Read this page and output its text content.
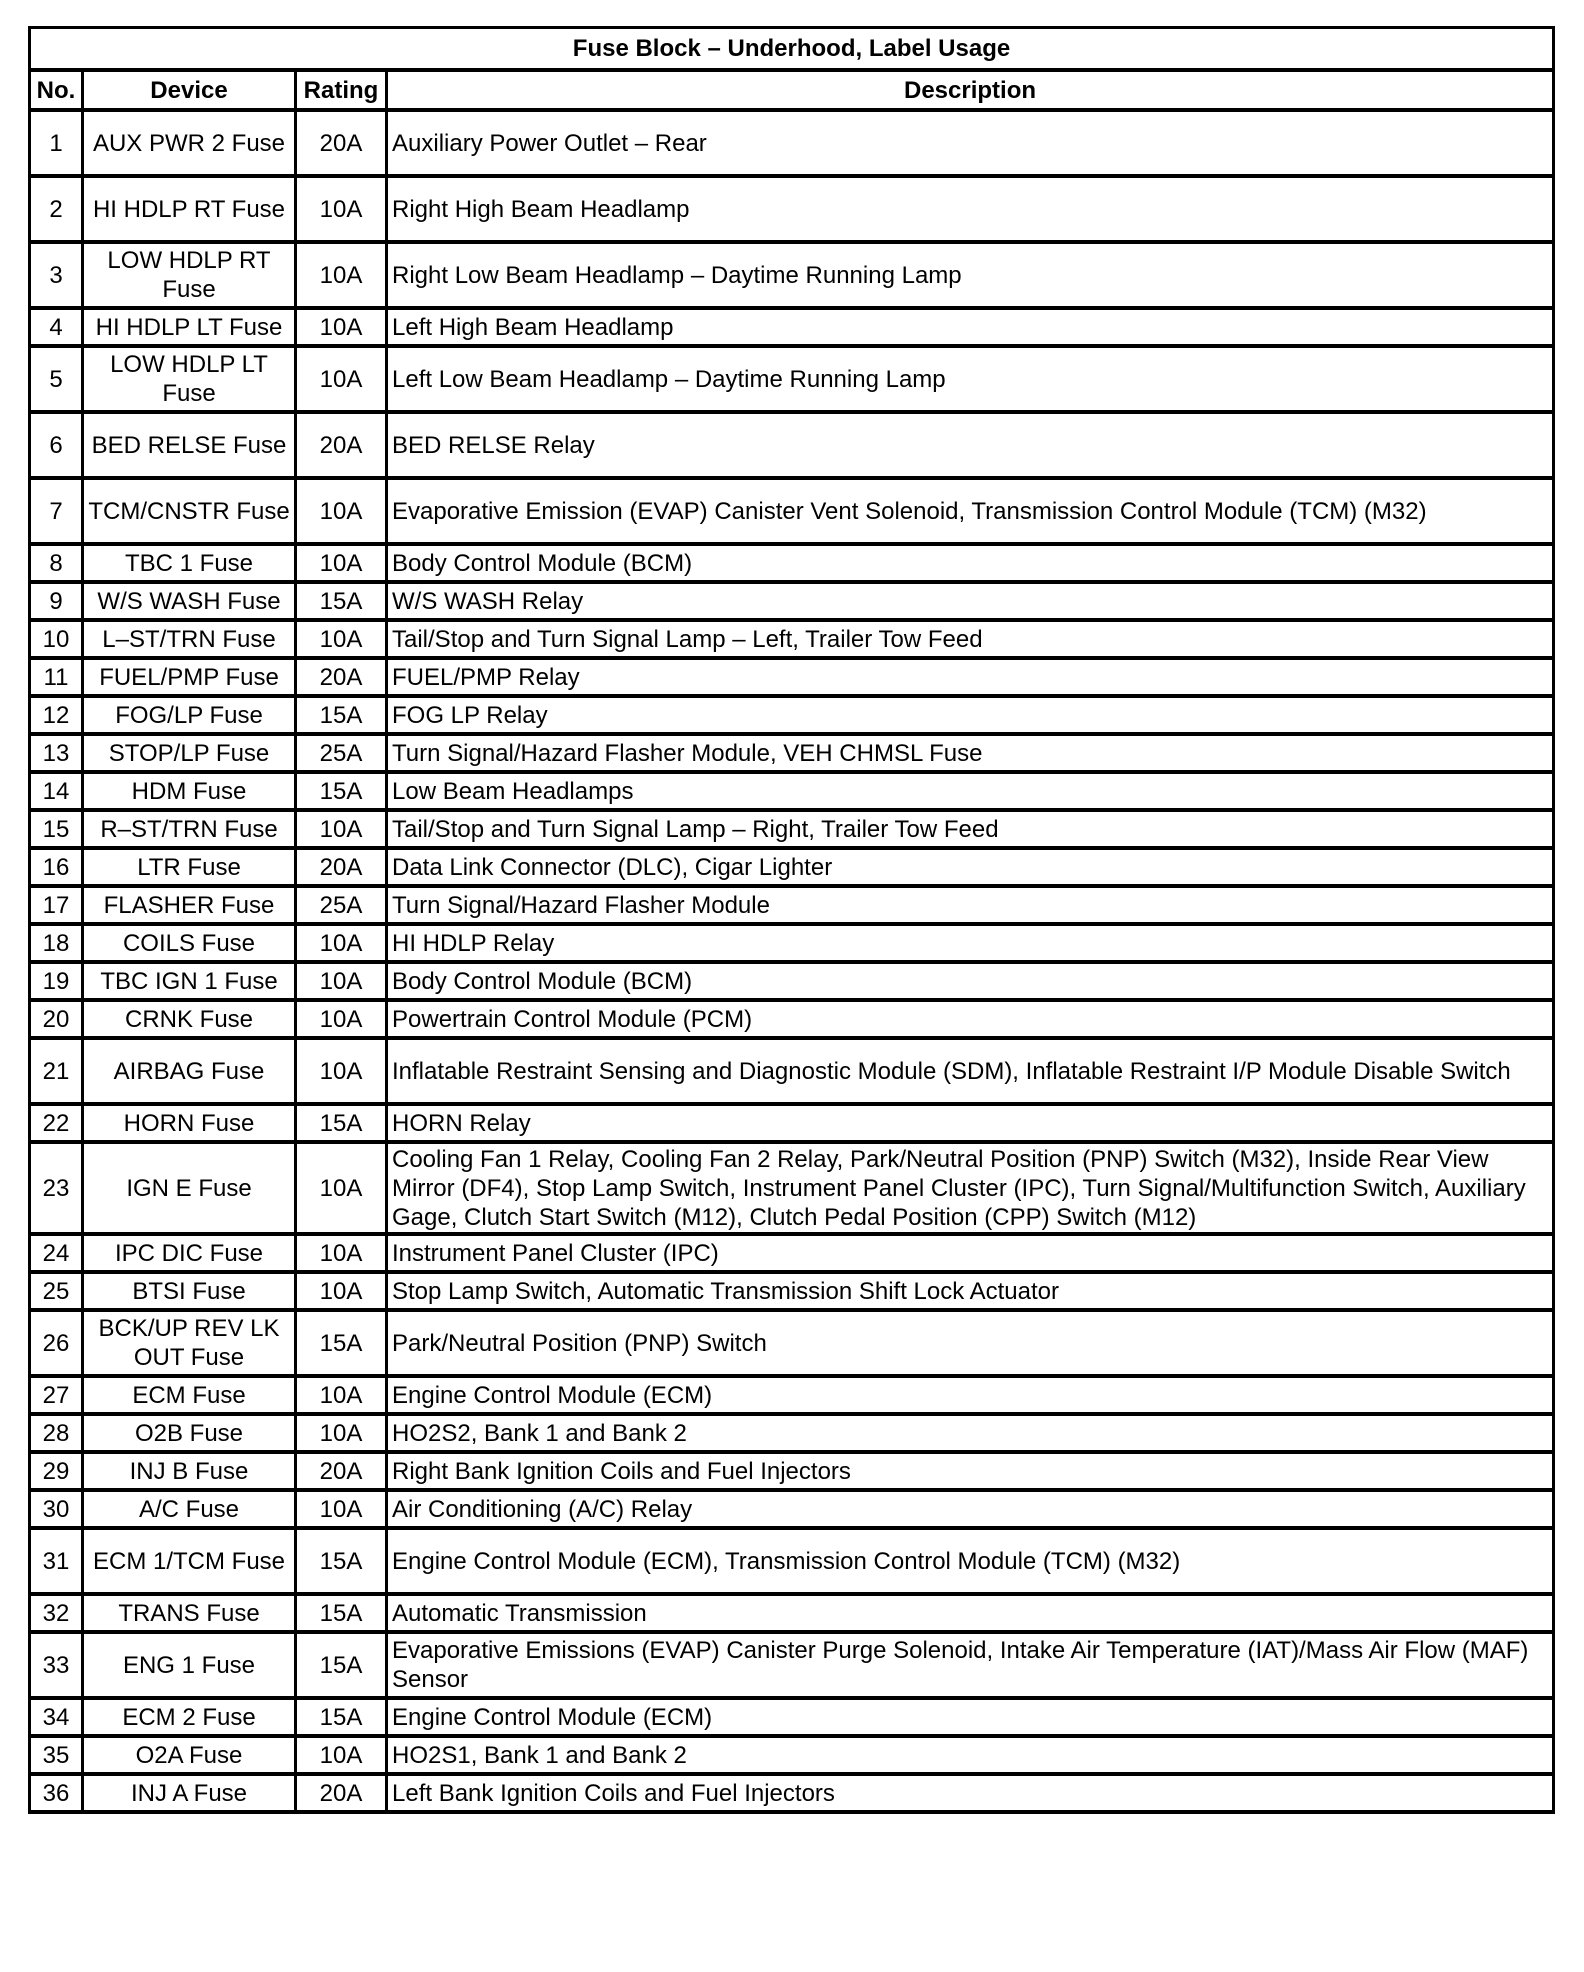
Fuse Block – Underhood, Label Usage			
No.	Device	Rating	Description
1	AUX PWR 2 Fuse	20A	Auxiliary Power Outlet – Rear
2	HI HDLP RT Fuse	10A	Right High Beam Headlamp
3	LOW HDLP RT Fuse	10A	Right Low Beam Headlamp – Daytime Running Lamp
4	HI HDLP LT Fuse	10A	Left High Beam Headlamp
5	LOW HDLP LT Fuse	10A	Left Low Beam Headlamp – Daytime Running Lamp
6	BED RELSE Fuse	20A	BED RELSE Relay
7	TCM/CNSTR Fuse	10A	Evaporative Emission (EVAP) Canister Vent Solenoid, Transmission Control Module (TCM) (M32)
8	TBC 1 Fuse	10A	Body Control Module (BCM)
9	W/S WASH Fuse	15A	W/S WASH Relay
10	L–ST/TRN Fuse	10A	Tail/Stop and Turn Signal Lamp – Left, Trailer Tow Feed
11	FUEL/PMP Fuse	20A	FUEL/PMP Relay
12	FOG/LP Fuse	15A	FOG LP Relay
13	STOP/LP Fuse	25A	Turn Signal/Hazard Flasher Module, VEH CHMSL Fuse
14	HDM Fuse	15A	Low Beam Headlamps
15	R–ST/TRN Fuse	10A	Tail/Stop and Turn Signal Lamp – Right, Trailer Tow Feed
16	LTR Fuse	20A	Data Link Connector (DLC), Cigar Lighter
17	FLASHER Fuse	25A	Turn Signal/Hazard Flasher Module
18	COILS Fuse	10A	HI HDLP Relay
19	TBC IGN 1 Fuse	10A	Body Control Module (BCM)
20	CRNK Fuse	10A	Powertrain Control Module (PCM)
21	AIRBAG Fuse	10A	Inflatable Restraint Sensing and Diagnostic Module (SDM), Inflatable Restraint I/P Module Disable Switch
22	HORN Fuse	15A	HORN Relay
23	IGN E Fuse	10A	Cooling Fan 1 Relay, Cooling Fan 2 Relay, Park/Neutral Position (PNP) Switch (M32), Inside Rear View Mirror (DF4), Stop Lamp Switch, Instrument Panel Cluster (IPC), Turn Signal/Multifunction Switch, Auxiliary Gage, Clutch Start Switch (M12), Clutch Pedal Position (CPP) Switch (M12)
24	IPC DIC Fuse	10A	Instrument Panel Cluster (IPC)
25	BTSI Fuse	10A	Stop Lamp Switch, Automatic Transmission Shift Lock Actuator
26	BCK/UP REV LK OUT Fuse	15A	Park/Neutral Position (PNP) Switch
27	ECM Fuse	10A	Engine Control Module (ECM)
28	O2B Fuse	10A	HO2S2, Bank 1 and Bank 2
29	INJ B Fuse	20A	Right Bank Ignition Coils and Fuel Injectors
30	A/C Fuse	10A	Air Conditioning (A/C) Relay
31	ECM 1/TCM Fuse	15A	Engine Control Module (ECM), Transmission Control Module (TCM) (M32)
32	TRANS Fuse	15A	Automatic Transmission
33	ENG 1 Fuse	15A	Evaporative Emissions (EVAP) Canister Purge Solenoid, Intake Air Temperature (IAT)/Mass Air Flow (MAF) Sensor
34	ECM 2 Fuse	15A	Engine Control Module (ECM)
35	O2A Fuse	10A	HO2S1, Bank 1 and Bank 2
36	INJ A Fuse	20A	Left Bank Ignition Coils and Fuel Injectors
